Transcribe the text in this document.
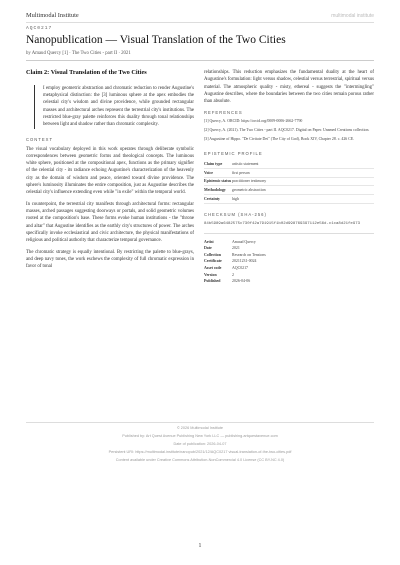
Multimodal Institute	multimodal institute
AQC0217
Nanopublication — Visual Translation of the Two Cities
by Amaud Quercy [1] · The Two Cities - part II · 2021
Claim 2: Visual Translation of the Two Cities
I employ geometric abstraction and chromatic reduction to render Augustine's metaphysical distinction: the [3] luminous sphere at the apex embodies the celestial city's wisdom and divine providence, while grounded rectangular masses and architectural arches represent the terrestrial city's institutions. The restricted blue-gray palette reinforces this duality through tonal relationships between light and shadow rather than chromatic complexity.
CONTEXT

The visual vocabulary deployed in this work operates through deliberate symbolic correspondences between geometric forms and theological concepts. The luminous white sphere, positioned at the compositional apex, functions as the primary signifier of the celestial city - its radiance echoing Augustine's characterization of the heavenly city as the domain of wisdom and peace, oriented toward divine providence. The sphere's luminosity illuminates the entire composition, just as Augustine describes the celestial city's influence extending even while "in exile" within the temporal world.

In counterpoint, the terrestrial city manifests through architectural forms: rectangular masses, arched passages suggesting doorways or portals, and solid geometric volumes rooted at the composition's base. These forms evoke human institutions - the "throne and altar" that Augustine identifies as the earthly city's structures of power. The arches specifically invoke ecclesiastical and civic architecture, the physical manifestations of religious and political authority that characterize temporal governance.

The chromatic strategy is equally intentional. By restricting the palette to blue-grays, and deep navy tones, the work eschews the complexity of full chromatic expression in favor of tonal

relationships. This reduction emphasizes the fundamental duality at the heart of Augustine's formulation: light versus shadow, celestial versus terrestrial, spiritual versus material. The atmospheric quality - misty, ethereal - suggests the "intermingling" Augustine describes, where the boundaries between the two cities remain porous rather than absolute.

REFERENCES
[1] Quercy, A. ORCID: https://orcid.org/0009-0006-2662-7790
[2] Quercy, A. (2021). The Two Cities - part II. AQC0217. Digital on Paper. Unamed Creations collection.
[3] Augustine of Hippo. "De Civitate Dei" (The City of God), Book XIV, Chapter 28. c. 426 CE.
EPISTEMIC PROFILE
Claim type	artistic statement
Voice	first person
Epistemic status	practitioner testimony
Methodology	geometric abstraction
Certainty	high
CHECKSUM (SHA-256)
84b5989a6482575c730f42a791915f1b02d998769397112e56d-c1ca8d21fe973
Artist	Amaud Quercy
Date	2021
Collection	Research on Tensions
Certificate	20211231-0024
Asset code	AQC0217
Version	2
Published	2026-04-06
© 2026 Multimodal Institute
Published by: Art Quest Avenue Publishing New York LLC — publishing.artquestavenue.com
Date of publication: 2026-04-07
Persistent URI: https://multimodal.institute/nanopub/2021/12/AQC0217 visual-translation-of-the-two-cities.pdf
Content available under Creative Commons Attribution-NonCommercial 4.0 License (CC BY-NC 4.0)
1
